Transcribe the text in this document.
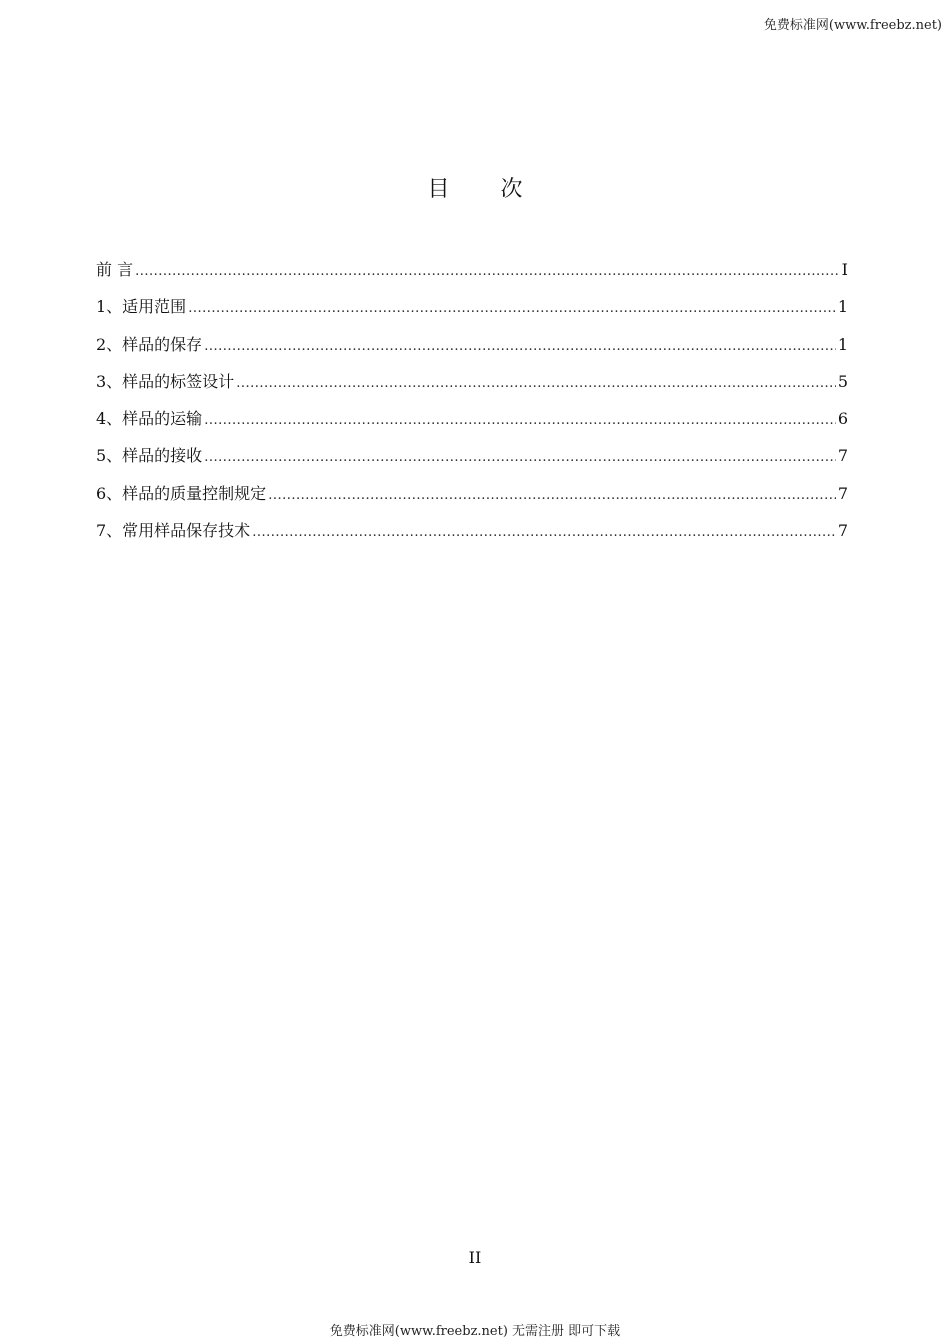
免费标准网(www.freebz.net)
目 次
前 言 .....	I
1、适用范围 .....	1
2、样品的保存 .....	1
3、样品的标签设计 .....	5
4、样品的运输 .....	6
5、样品的接收 .....	7
6、样品的质量控制规定 .....	7
7、常用样品保存技术 .....	7
II
免费标准网(www.freebz.net) 无需注册 即可下载
